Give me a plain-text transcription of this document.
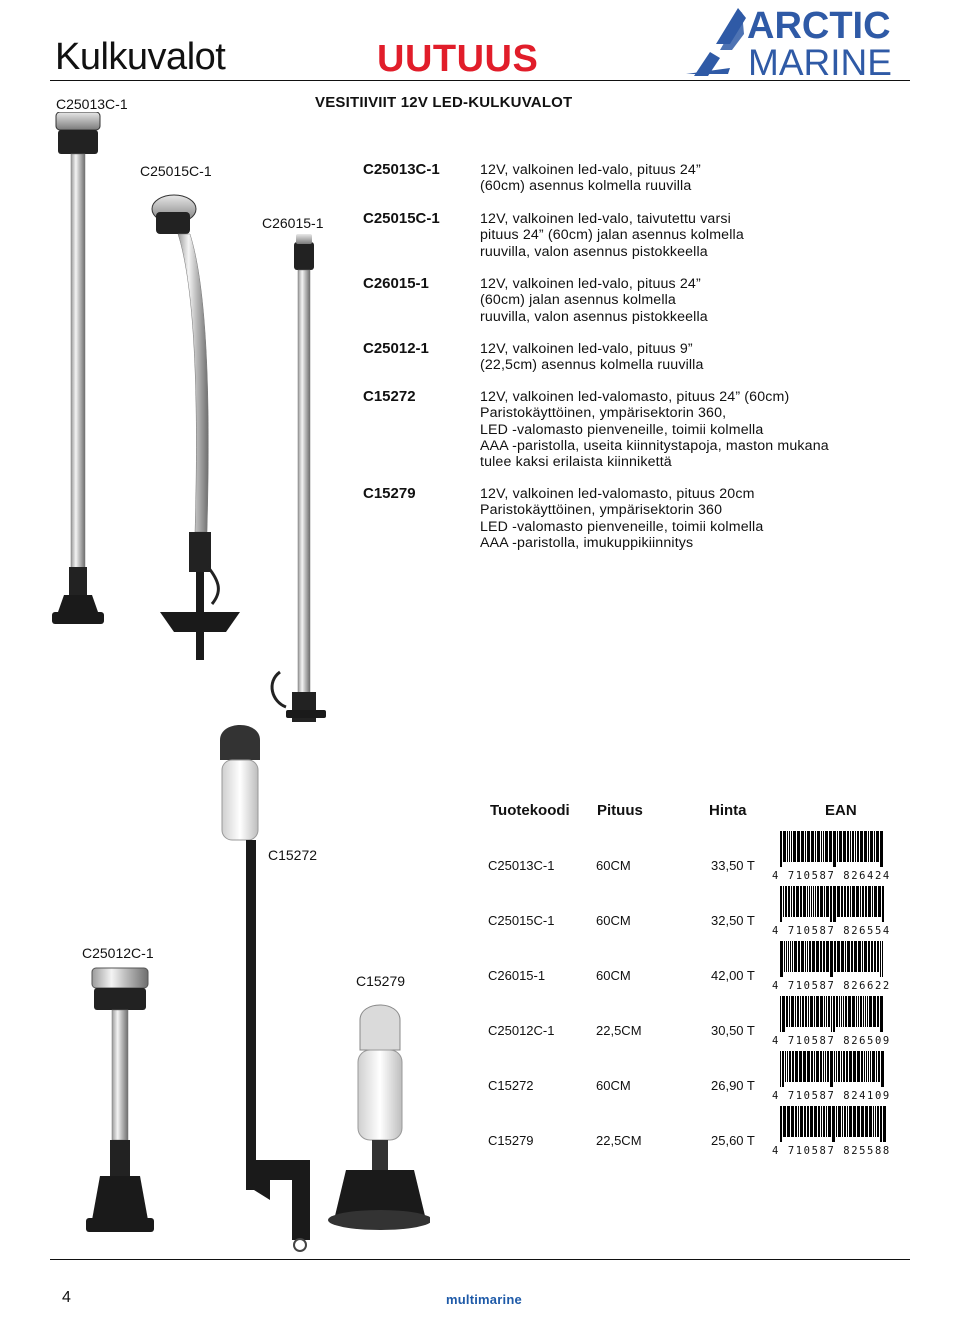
Kulkuvalot	UUTUUS
ARCTIC
MARINE
C25013C-1	VESITIIVIIT 12V LED-KULKUVALOT
C25015C-1
C26015-1
C25013C-1	12V, valkoinen led-valo, pituus 24”
(60cm) asennus kolmella ruuvilla
C25015C-1	12V, valkoinen led-valo, taivutettu varsi
pituus 24” (60cm) jalan asennus kolmella
ruuvilla, valon asennus pistokkeella
C26015-1	12V, valkoinen led-valo, pituus 24”
(60cm) jalan asennus kolmella
ruuvilla, valon asennus pistokkeella
C25012-1	12V, valkoinen led-valo, pituus 9”
(22,5cm) asennus kolmella ruuvilla
C15272	12V, valkoinen led-valomasto, pituus 24” (60cm)
Paristokäyttöinen, ympärisektorin 360,
LED -valomasto pienveneille, toimii kolmella
AAA -paristolla, useita kiinnitystapoja, maston mukana
tulee kaksi erilaista kiinnikettä
C15279	12V, valkoinen led-valomasto, pituus 20cm
Paristokäyttöinen, ympärisektorin 360
LED -valomasto pienveneille, toimii kolmella
AAA -paristolla, imukuppikiinnitys
C15272
C25012C-1
C15279
Tuotekoodi Pituus	Hinta	EAN
C25013C-1	60CM	33,50 T
4 710587 826424
C25015C-1	60CM	32,50 T
4 710587 826554
C26015-1	60CM	42,00 T
4 710587 826622
C25012C-1	22,5CM	30,50 T
4 710587 826509
C15272	60CM	26,90 T
4 710587 824109
C15279	22,5CM	25,60 T
4 710587 825588
4	multimarine
